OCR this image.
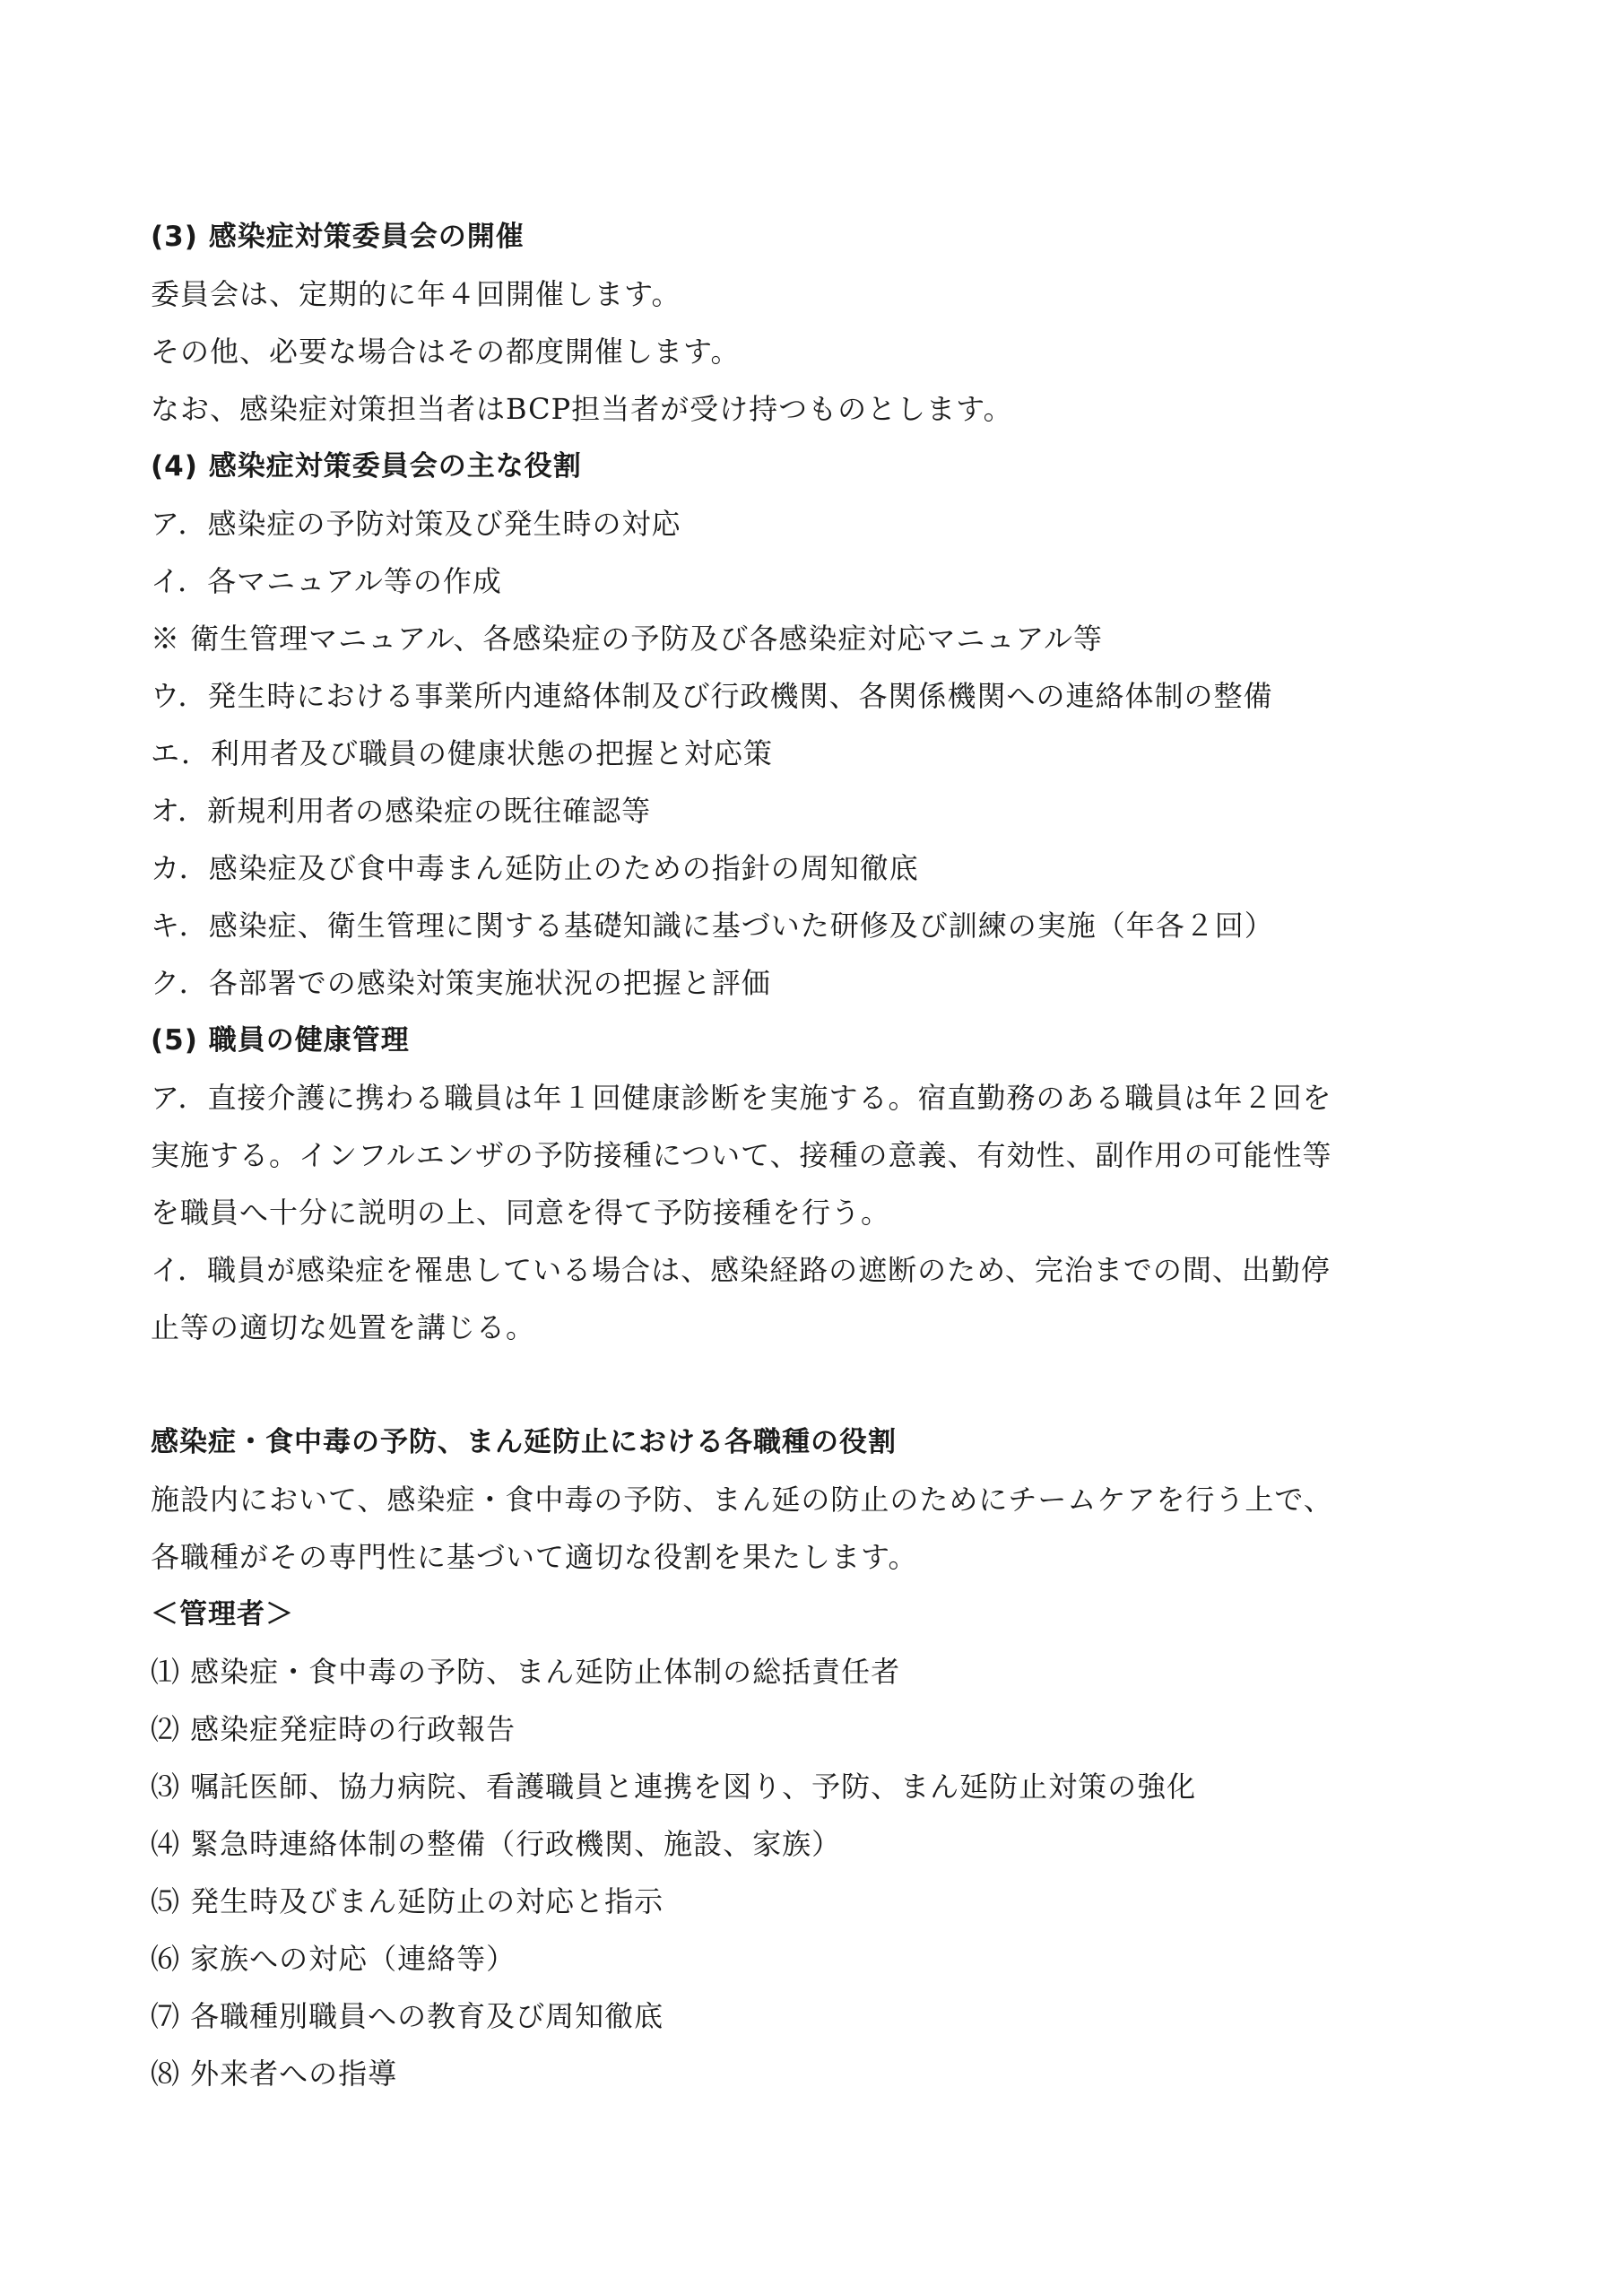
(3) 感染症対策委員会の開催
委員会は、定期的に年４回開催します。
その他、必要な場合はその都度開催します。
なお、感染症対策担当者はBCP担当者が受け持つものとします。
(4) 感染症対策委員会の主な役割
ア．感染症の予防対策及び発生時の対応
イ．各マニュアル等の作成
※ 衛生管理マニュアル、各感染症の予防及び各感染症対応マニュアル等
ウ．発生時における事業所内連絡体制及び行政機関、各関係機関への連絡体制の整備
エ．利用者及び職員の健康状態の把握と対応策
オ．新規利用者の感染症の既往確認等
カ．感染症及び食中毒まん延防止のための指針の周知徹底
キ．感染症、衛生管理に関する基礎知識に基づいた研修及び訓練の実施（年各２回）
ク．各部署での感染対策実施状況の把握と評価
(5) 職員の健康管理
ア．直接介護に携わる職員は年１回健康診断を実施する。宿直勤務のある職員は年２回を
実施する。インフルエンザの予防接種について、接種の意義、有効性、副作用の可能性等
を職員へ十分に説明の上、同意を得て予防接種を行う。
イ．職員が感染症を罹患している場合は、感染経路の遮断のため、完治までの間、出勤停
止等の適切な処置を講じる。
感染症・食中毒の予防、まん延防止における各職種の役割
施設内において、感染症・食中毒の予防、まん延の防止のためにチームケアを行う上で、
各職種がその専門性に基づいて適切な役割を果たします。
＜管理者＞
⑴ 感染症・食中毒の予防、まん延防止体制の総括責任者
⑵ 感染症発症時の行政報告
⑶ 嘱託医師、協力病院、看護職員と連携を図り、予防、まん延防止対策の強化
⑷ 緊急時連絡体制の整備（行政機関、施設、家族）
⑸ 発生時及びまん延防止の対応と指示
⑹ 家族への対応（連絡等）
⑺ 各職種別職員への教育及び周知徹底
⑻ 外来者への指導
